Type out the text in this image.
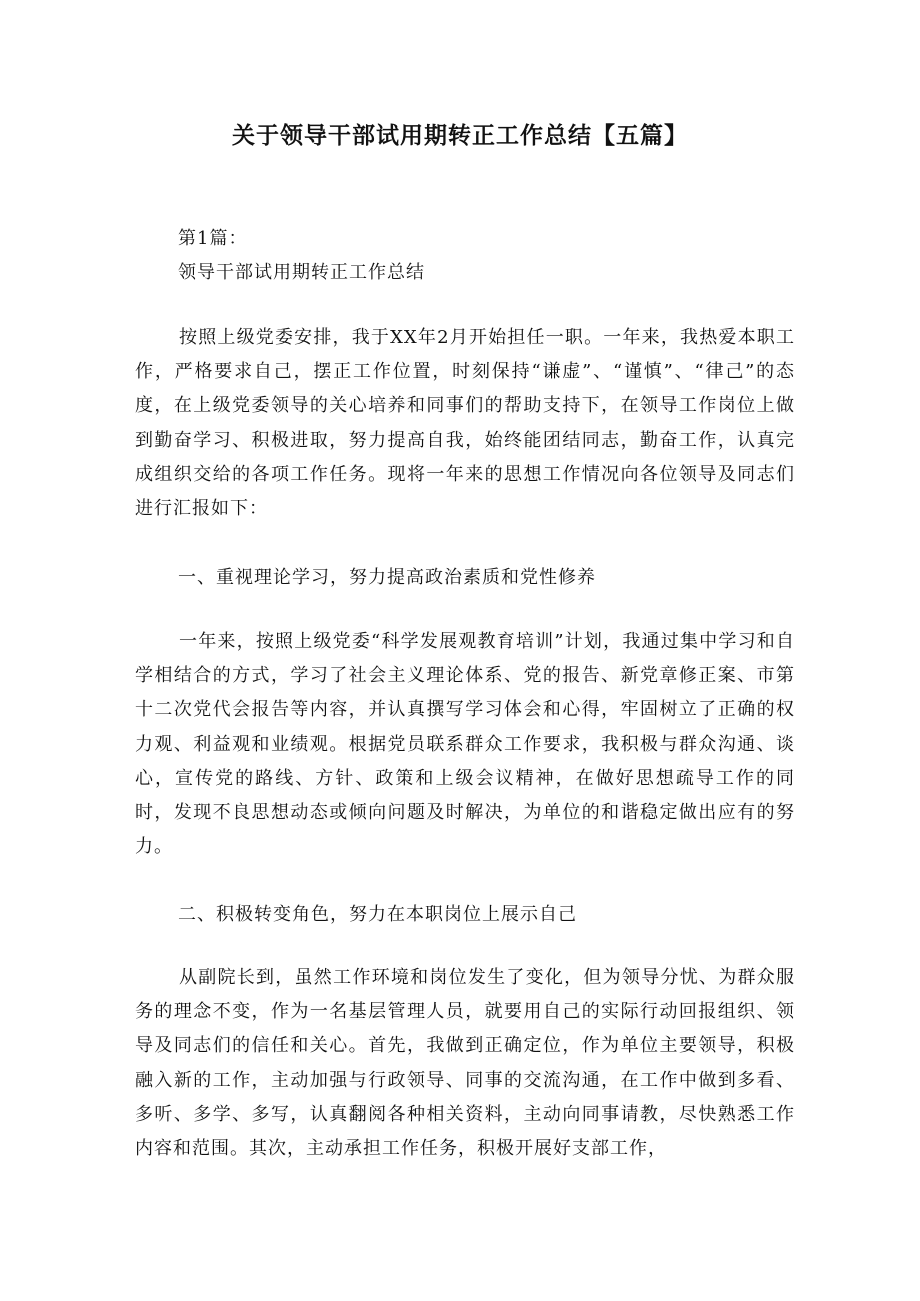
关于领导干部试用期转正工作总结【五篇】

第1篇：

领导干部试用期转正工作总结

按照上级党委安排，我于XX年2月开始担任一职。一年来，我热爱本职工作，严格要求自己，摆正工作位置，时刻保持“谦虚”、“谨慎”、“律己”的态度，在上级党委领导的关心培养和同事们的帮助支持下，在领导工作岗位上做到勤奋学习、积极进取，努力提高自我，始终能团结同志，勤奋工作，认真完成组织交给的各项工作任务。现将一年来的思想工作情况向各位领导及同志们进行汇报如下：

一、重视理论学习，努力提高政治素质和党性修养

一年来，按照上级党委“科学发展观教育培训”计划，我通过集中学习和自学相结合的方式，学习了社会主义理论体系、党的报告、新党章修正案、市第十二次党代会报告等内容，并认真撰写学习体会和心得，牢固树立了正确的权力观、利益观和业绩观。根据党员联系群众工作要求，我积极与群众沟通、谈心，宣传党的路线、方针、政策和上级会议精神，在做好思想疏导工作的同时，发现不良思想动态或倾向问题及时解决，为单位的和谐稳定做出应有的努力。

二、积极转变角色，努力在本职岗位上展示自己

从副院长到，虽然工作环境和岗位发生了变化，但为领导分忧、为群众服务的理念不变，作为一名基层管理人员，就要用自己的实际行动回报组织、领导及同志们的信任和关心。首先，我做到正确定位，作为单位主要领导，积极融入新的工作，主动加强与行政领导、同事的交流沟通，在工作中做到多看、多听、多学、多写，认真翻阅各种相关资料，主动向同事请教，尽快熟悉工作内容和范围。其次，主动承担工作任务，积极开展好支部工作，
